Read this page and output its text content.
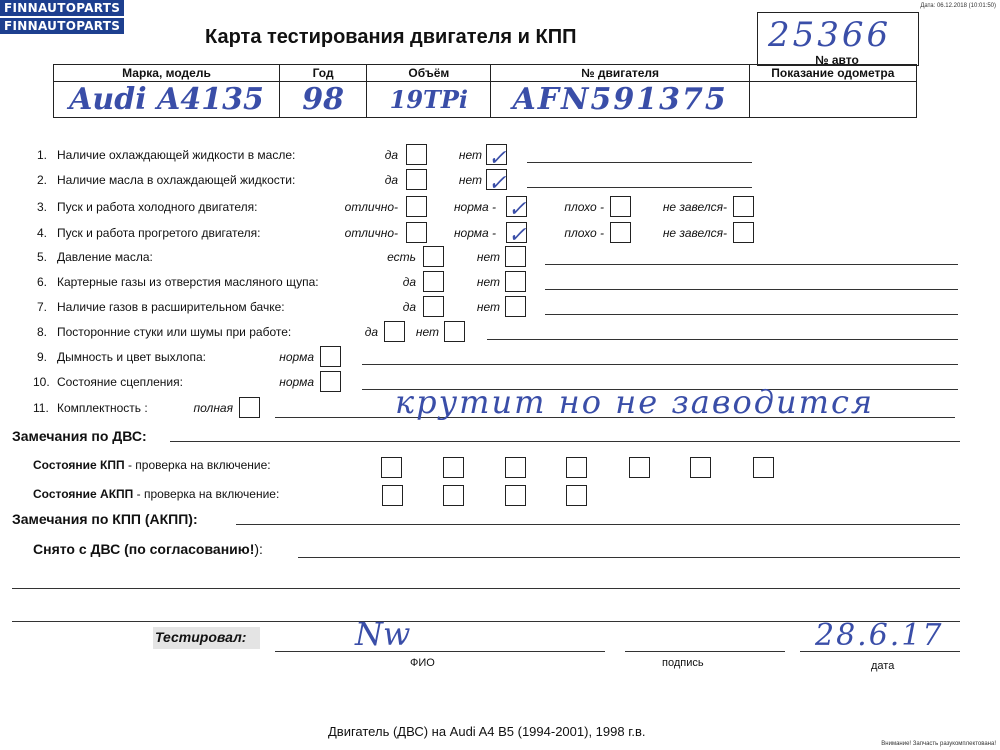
FINNAUTOPARTS
FINNAUTOPARTS
Дата: 06.12.2018 (10:01:50)
Карта тестирования двигателя и КПП	25366
Марка, модель	Год	Объём	№ двигателя	Показание одометра
Audi A4135	98	19TPi	AFN591375	
№ авто
1. Наличие охлаждающей жидкости в масле:	да	нет
2. Наличие масла в охлаждающей жидкости:	да	нет
3. Пуск и работа холодного двигателя:	отлично-	норма -	плохо -	не завелся-
4. Пуск и работа прогретого двигателя:	отлично-	норма -	плохо -	не завелся-
5. Давление масла:	есть	нет
6. Картерные газы из отверстия масляного щупа:	да	нет
7. Наличие газов в расширительном бачке:	да	нет
8. Посторонние стуки или шумы при работе:	да	нет
9. Дымность и цвет выхлопа:	норма
10. Состояние сцепления:	норма
11. Комплектность :	полная
✓
✓
✓
✓
крутит но не заводится
Замечания по ДВС:
Состояние КПП - проверка на включение:
Состояние АКПП - проверка на включение:
Замечания по КПП (АКПП):
Снято с ДВС (по согласованию!):
Тестировал:	Nw	28.6.17
ФИО	подпись	дата
Двигатель (ДВС) на Audi A4 B5 (1994-2001), 1998 г.в.
Внимание! Запчасть разукомплектована!
